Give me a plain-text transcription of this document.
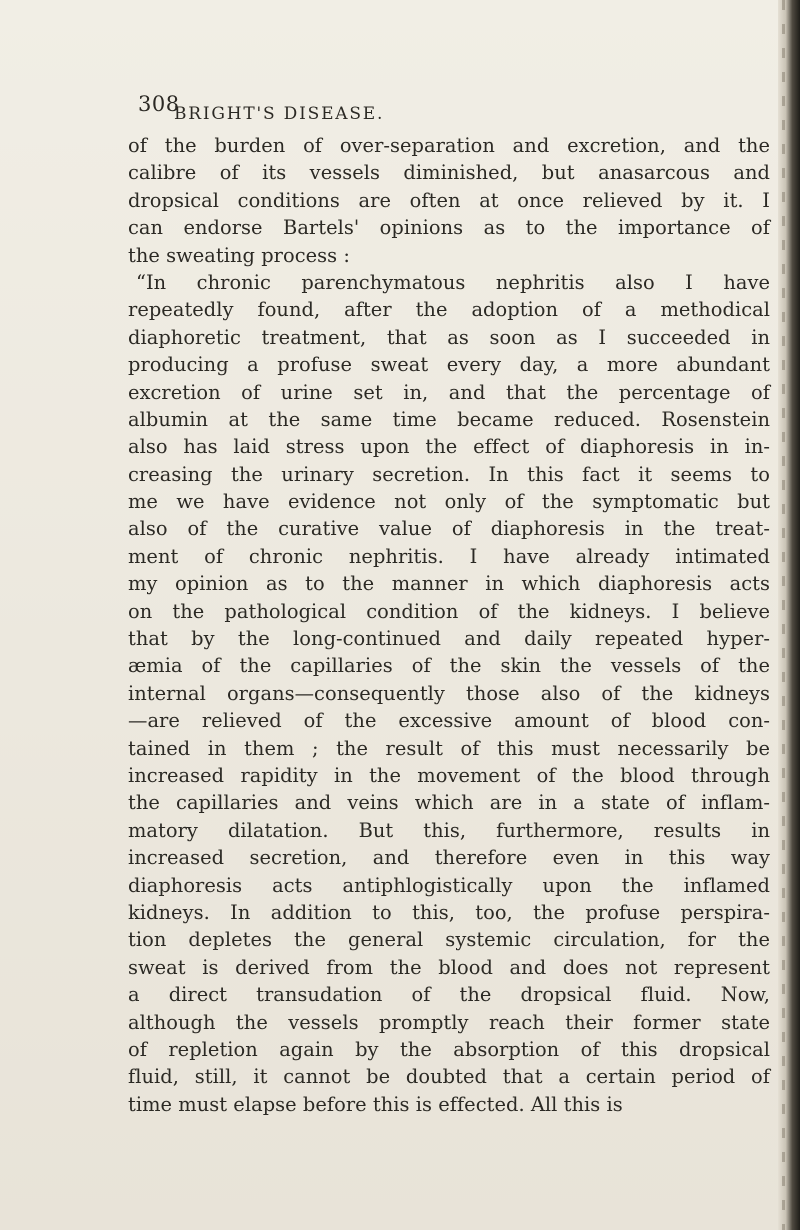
308
BRIGHT'S DISEASE.
of the burden of over-separation and excretion, and the
calibre of its vessels diminished, but anasarcous and
dropsical conditions are often at once relieved by it. I
can endorse Bartels' opinions as to the importance of
the sweating process :
“In chronic parenchymatous nephritis also I have
repeatedly found, after the adoption of a methodical
diaphoretic treatment, that as soon as I succeeded in
producing a profuse sweat every day, a more abundant
excretion of urine set in, and that the percentage of
albumin at the same time became reduced. Rosenstein
also has laid stress upon the effect of diaphoresis in in-
creasing the urinary secretion. In this fact it seems to
me we have evidence not only of the symptomatic but
also of the curative value of diaphoresis in the treat-
ment of chronic nephritis. I have already intimated
my opinion as to the manner in which diaphoresis acts
on the pathological condition of the kidneys. I believe
that by the long-continued and daily repeated hyper-
æmia of the capillaries of the skin the vessels of the
internal organs—consequently those also of the kidneys
—are relieved of the excessive amount of blood con-
tained in them ; the result of this must necessarily be
increased rapidity in the movement of the blood through
the capillaries and veins which are in a state of inflam-
matory dilatation. But this, furthermore, results in
increased secretion, and therefore even in this way
diaphoresis acts antiphlogistically upon the inflamed
kidneys. In addition to this, too, the profuse perspira-
tion depletes the general systemic circulation, for the
sweat is derived from the blood and does not represent
a direct transudation of the dropsical fluid. Now,
although the vessels promptly reach their former state
of repletion again by the absorption of this dropsical
fluid, still, it cannot be doubted that a certain period of
time must elapse before this is effected. All this is
